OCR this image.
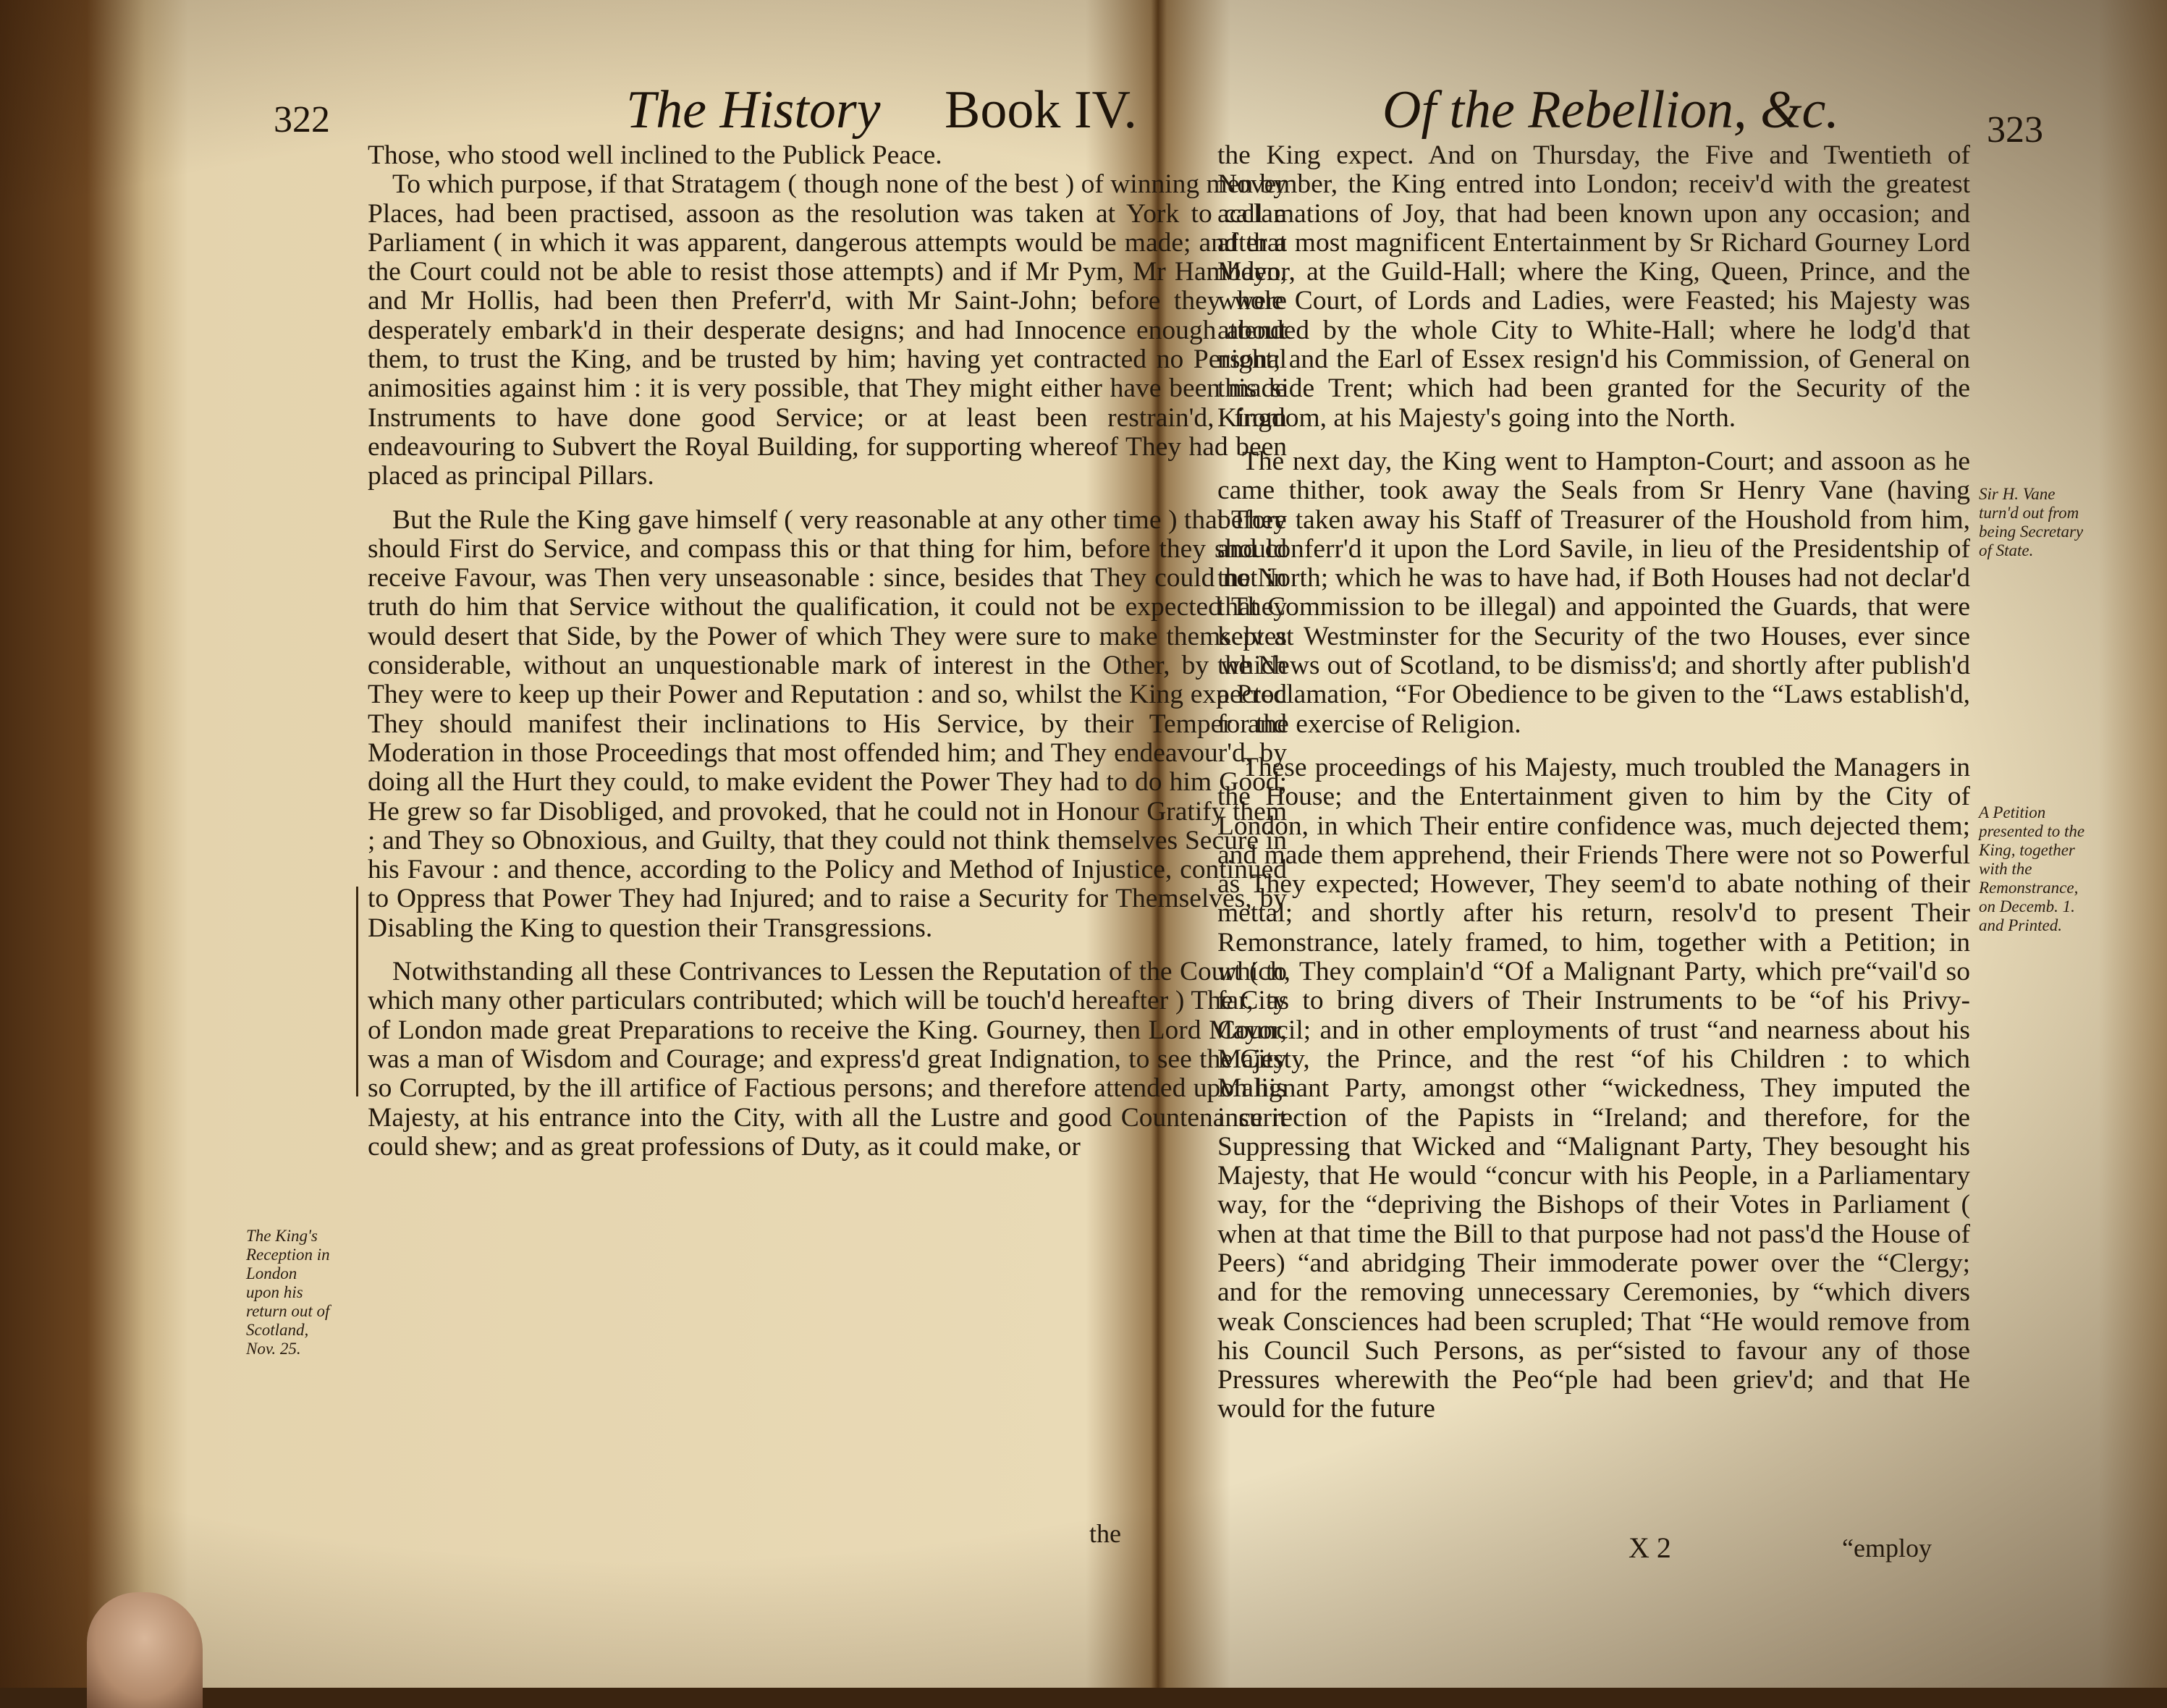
322	The History Book IV.
The King's Reception in London upon his return out of Scotland, Nov. 25.

Those, who stood well inclined to the Publick Peace.

To which purpose, if that Stratagem ( though none of the best ) of winning men by Places, had been practised, assoon as the resolution was taken at York to call a Parliament ( in which it was apparent, dangerous attempts would be made; and that the Court could not be able to resist those attempts) and if Mr Pym, Mr Hambden, and Mr Hollis, had been then Preferr'd, with Mr Saint-John; before they were desperately embark'd in their desperate designs; and had Innocence enough about them, to trust the King, and be trusted by him; having yet contracted no Personal animosities against him : it is very possible, that They might either have been made Instruments to have done good Service; or at least been restrain'd, from endeavouring to Subvert the Royal Building, for supporting whereof They had been placed as principal Pillars.

But the Rule the King gave himself ( very reasonable at any other time ) that They should First do Service, and compass this or that thing for him, before they should receive Favour, was Then very unseasonable : since, besides that They could not in truth do him that Service without the qualification, it could not be expected They would desert that Side, by the Power of which They were sure to make themselves considerable, without an unquestionable mark of interest in the Other, by which They were to keep up their Power and Reputation : and so, whilst the King expected They should manifest their inclinations to His Service, by their Temper and Moderation in those Proceedings that most offended him; and They endeavour'd, by doing all the Hurt they could, to make evident the Power They had to do him Good; He grew so far Disobliged, and provoked, that he could not in Honour Gratify them ; and They so Obnoxious, and Guilty, that they could not think themselves Secure in his Favour : and thence, according to the Policy and Method of Injustice, continued to Oppress that Power They had Injured; and to raise a Security for Themselves, by Disabling the King to question their Transgressions.

Notwithstanding all these Contrivances to Lessen the Reputation of the Court ( to which many other particulars contributed; which will be touch'd hereafter ) The City of London made great Preparations to receive the King. Gourney, then Lord Mayor, was a man of Wisdom and Courage; and express'd great Indignation, to see the City so Corrupted, by the ill artifice of Factious persons; and therefore attended upon his Majesty, at his entrance into the City, with all the Lustre and good Countenance it could shew; and as great professions of Duty, as it could make, or

the
Of the Rebellion, &c.	323

the King expect. And on Thursday, the Five and Twentieth of November, the King entred into London; receiv'd with the greatest acclamations of Joy, that had been known upon any occasion; and after a most magnificent Entertainment by Sr Richard Gourney Lord Mayor, at the Guild-Hall; where the King, Queen, Prince, and the whole Court, of Lords and Ladies, were Feasted; his Majesty was attended by the whole City to White-Hall; where he lodg'd that night; and the Earl of Essex resign'd his Commission, of General on this side Trent; which had been granted for the Security of the Kingdom, at his Majesty's going into the North.

The next day, the King went to Hampton-Court; and assoon as he came thither, took away the Seals from Sr Henry Vane (having before taken away his Staff of Treasurer of the Houshold from him, and conferr'd it upon the Lord Savile, in lieu of the Presidentship of the North; which he was to have had, if Both Houses had not declar'd that Commission to be illegal) and appointed the Guards, that were kept at Westminster for the Security of the two Houses, ever since the News out of Scotland, to be dismiss'd; and shortly after publish'd a Proclamation, “For Obedience to be given to the “Laws establish'd, for the exercise of Religion.

These proceedings of his Majesty, much troubled the Managers in the House; and the Entertainment given to him by the City of London, in which Their entire confidence was, much dejected them; and made them apprehend, their Friends There were not so Powerful as They expected; However, They seem'd to abate nothing of their mettal; and shortly after his return, resolv'd to present Their Remonstrance, lately framed, to him, together with a Petition; in which, They complain'd “Of a Malignant Party, which pre“vail'd so far, as to bring divers of Their Instruments to be “of his Privy-Council; and in other employments of trust “and nearness about his Majesty, the Prince, and the rest “of his Children : to which Malignant Party, amongst other “wickedness, They imputed the insurrection of the Papists in “Ireland; and therefore, for the Suppressing that Wicked and “Malignant Party, They besought his Majesty, that He would “concur with his People, in a Parliamentary way, for the “depriving the Bishops of their Votes in Parliament ( when at that time the Bill to that purpose had not pass'd the House of Peers) “and abridging Their immoderate power over the “Clergy; and for the removing unnecessary Ceremonies, by “which divers weak Consciences had been scrupled; That “He would remove from his Council Such Persons, as per“sisted to favour any of those Pressures wherewith the Peo“ple had been griev'd; and that He would for the future

Sir H. Vane turn'd out from being Secretary of State.
A Petition presented to the King, together with the Remonstrance, on Decemb. 1. and Printed.
X 2	“employ
